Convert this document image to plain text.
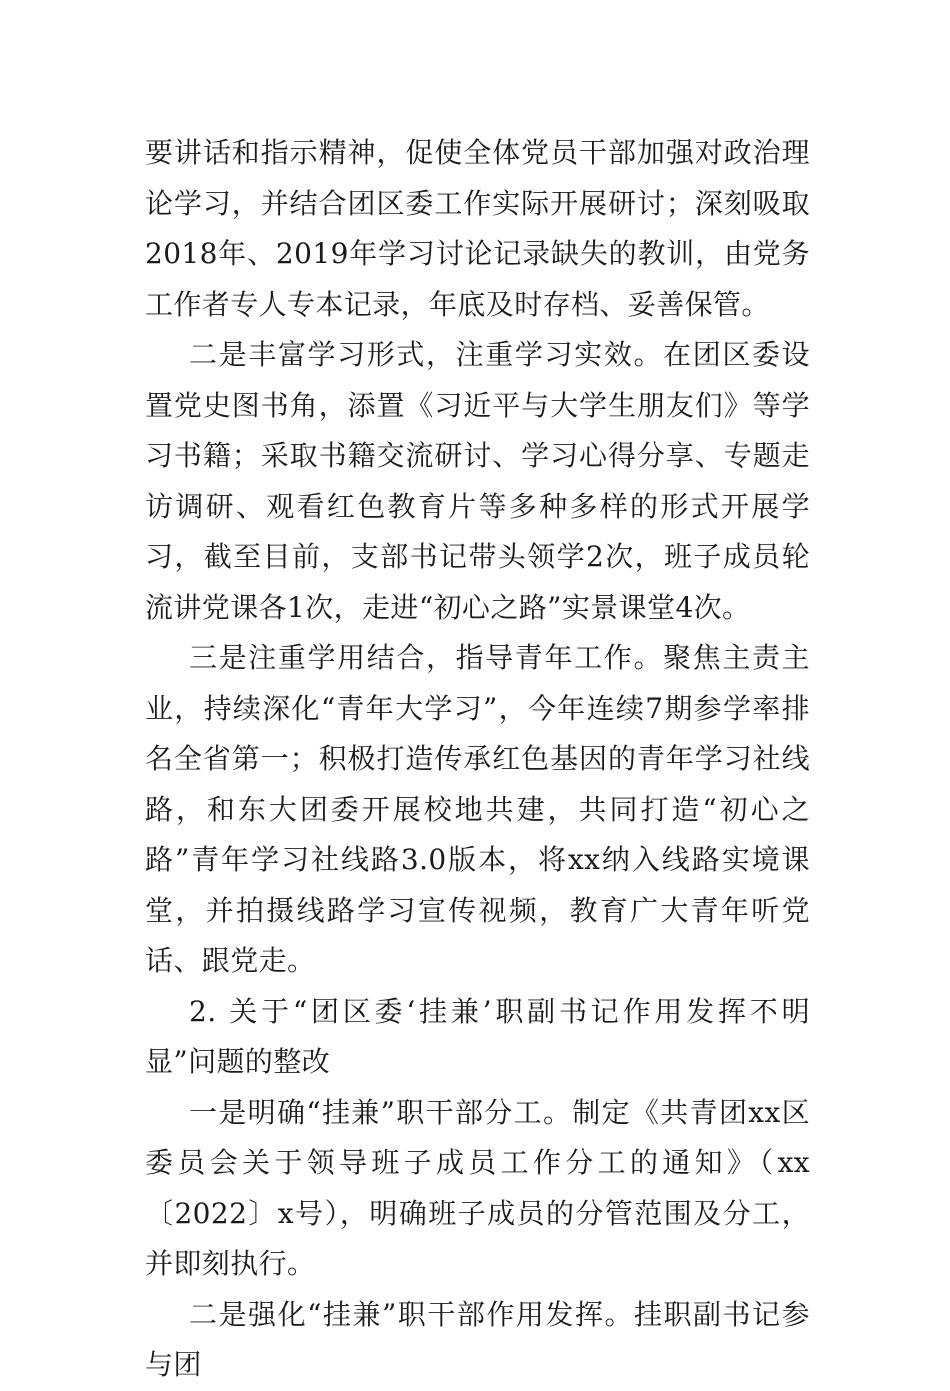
要讲话和指示精神，促使全体党员干部加强对政治理论学习，并结合团区委工作实际开展研讨；深刻吸取2018年、2019年学习讨论记录缺失的教训，由党务工作者专人专本记录，年底及时存档、妥善保管。

二是丰富学习形式，注重学习实效。在团区委设置党史图书角，添置《习近平与大学生朋友们》等学习书籍；采取书籍交流研讨、学习心得分享、专题走访调研、观看红色教育片等多种多样的形式开展学习，截至目前，支部书记带头领学2次，班子成员轮流讲党课各1次，走进“初心之路”实景课堂4次。

三是注重学用结合，指导青年工作。聚焦主责主业，持续深化“青年大学习”，今年连续7期参学率排名全省第一；积极打造传承红色基因的青年学习社线路，和东大团委开展校地共建，共同打造“初心之路”青年学习社线路3.0版本，将xx纳入线路实境课堂，并拍摄线路学习宣传视频，教育广大青年听党话、跟党走。

2. 关于“团区委‘挂兼’职副书记作用发挥不明显”问题的整改

一是明确“挂兼”职干部分工。制定《共青团xx区委员会关于领导班子成员工作分工的通知》（xx〔2022〕x号），明确班子成员的分管范围及分工，并即刻执行。

二是强化“挂兼”职干部作用发挥。挂职副书记参与团
